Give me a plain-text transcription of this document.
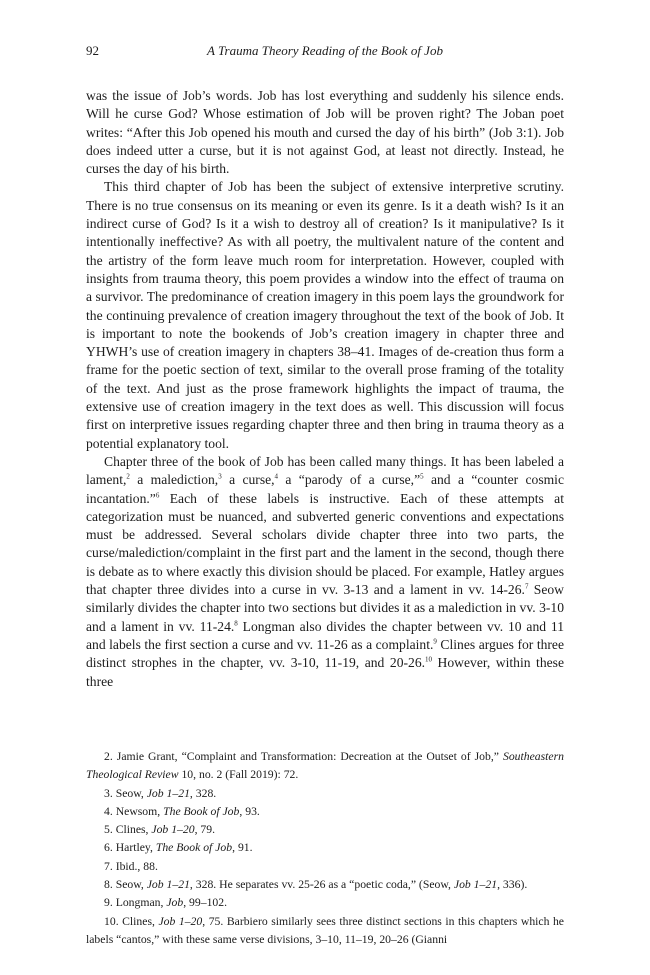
92	A Trauma Theory Reading of the Book of Job

was the issue of Job’s words. Job has lost everything and suddenly his silence ends. Will he curse God? Whose estimation of Job will be proven right? The Joban poet writes: “After this Job opened his mouth and cursed the day of his birth” (Job 3:1). Job does indeed utter a curse, but it is not against God, at least not directly. Instead, he curses the day of his birth.

This third chapter of Job has been the subject of extensive interpretive scrutiny. There is no true consensus on its meaning or even its genre. Is it a death wish? Is it an indirect curse of God? Is it a wish to destroy all of creation? Is it manipulative? Is it intentionally ineffective? As with all poetry, the multivalent nature of the content and the artistry of the form leave much room for interpretation. However, coupled with insights from trauma theory, this poem provides a window into the effect of trauma on a survivor. The predominance of creation imagery in this poem lays the groundwork for the continuing prevalence of creation imagery throughout the text of the book of Job. It is important to note the bookends of Job’s creation imagery in chapter three and YHWH’s use of creation imagery in chapters 38–41. Images of de-creation thus form a frame for the poetic section of text, similar to the overall prose framing of the totality of the text. And just as the prose framework highlights the impact of trauma, the extensive use of creation imagery in the text does as well. This discussion will focus first on interpretive issues regarding chapter three and then bring in trauma theory as a potential explanatory tool.

Chapter three of the book of Job has been called many things. It has been labeled a lament,$^2$ a malediction,$^3$ a curse,$^4$ a “parody of a curse,”$^5$ and a “counter cosmic incantation.”$^6$ Each of these labels is instructive. Each of these attempts at categorization must be nuanced, and subverted generic conventions and expectations must be addressed. Several scholars divide chapter three into two parts, the curse/malediction/complaint in the first part and the lament in the second, though there is debate as to where exactly this division should be placed. For example, Hatley argues that chapter three divides into a curse in vv. 3-13 and a lament in vv. 14-26.$^7$ Seow similarly divides the chapter into two sections but divides it as a malediction in vv. 3-10 and a lament in vv. 11-24.$^8$ Longman also divides the chapter between vv. 10 and 11 and labels the first section a curse and vv. 11-26 as a complaint.$^9$ Clines argues for three distinct strophes in the chapter, vv. 3-10, 11-19, and 20-26.10 However, within these three

2. Jamie Grant, “Complaint and Transformation: Decreation at the Outset of Job,” Southeastern Theological Review 10, no. 2 (Fall 2019): 72.

3. Seow, Job 1–21, 328.

4. Newsom, The Book of Job, 93.

5. Clines, Job 1–20, 79.

6. Hartley, The Book of Job, 91.

7. Ibid., 88.

8. Seow, Job 1–21, 328. He separates vv. 25-26 as a “poetic coda,” (Seow, Job 1–21, 336).

9. Longman, Job, 99–102.

10. Clines, Job 1–20, 75. Barbiero similarly sees three distinct sections in this chapters which he labels “cantos,” with these same verse divisions, 3–10, 11–19, 20–26 (Gianni
